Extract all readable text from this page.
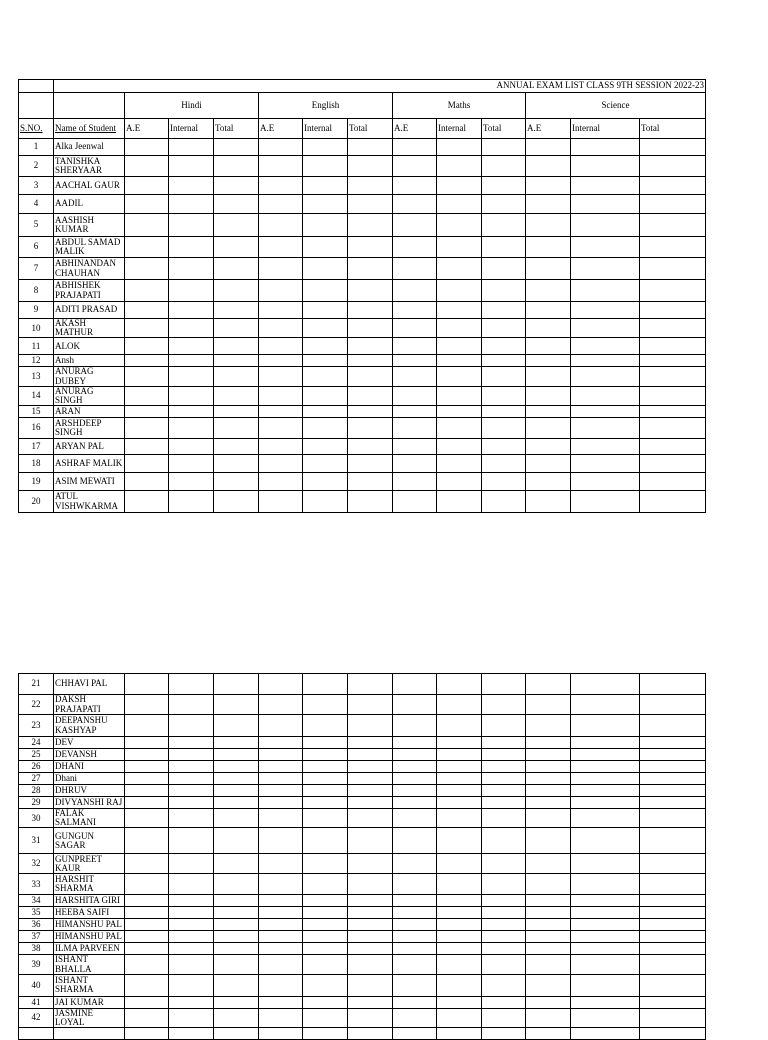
	ANNUAL EXAM LIST CLASS 9TH SESSION 2022-23												
		Hindi			English			Maths			Science		
S.NO.	Name of Student	A.E	Internal	Total	A.E	Internal	Total	A.E	Internal	Total	A.E	Internal	Total
1	Alka Jeenwal												
2	TANISHKA SHERYAAR												
3	AACHAL GAUR												
4	AADIL												
5	AASHISH KUMAR												
6	ABDUL SAMAD MALIK												
7	ABHINANDAN CHAUHAN												
8	ABHISHEK PRAJAPATI												
9	ADITI PRASAD												
10	AKASH MATHUR												
11	ALOK												
12	Ansh												
13	ANURAG DUBEY												
14	ANURAG SINGH												
15	ARAN												
16	ARSHDEEP SINGH												
17	ARYAN PAL												
18	ASHRAF MALIK												
19	ASIM MEWATI												
20	ATUL VISHWKARMA												
21	CHHAVI PAL												
22	DAKSH PRAJAPATI												
23	DEEPANSHU KASHYAP												
24	DEV												
25	DEVANSH												
26	DHANI												
27	Dhani												
28	DHRUV												
29	DIVYANSHI RAJ												
30	FALAK SALMANI												
31	GUNGUN SAGAR												
32	GUNPREET KAUR												
33	HARSHIT SHARMA												
34	HARSHITA GIRI												
35	HEEBA SAIFI												
36	HIMANSHU PAL												
37	HIMANSHU PAL												
38	ILMA PARVEEN												
39	ISHANT BHALLA												
40	ISHANT SHARMA												
41	JAI KUMAR												
42	JASMINE LOYAL												
